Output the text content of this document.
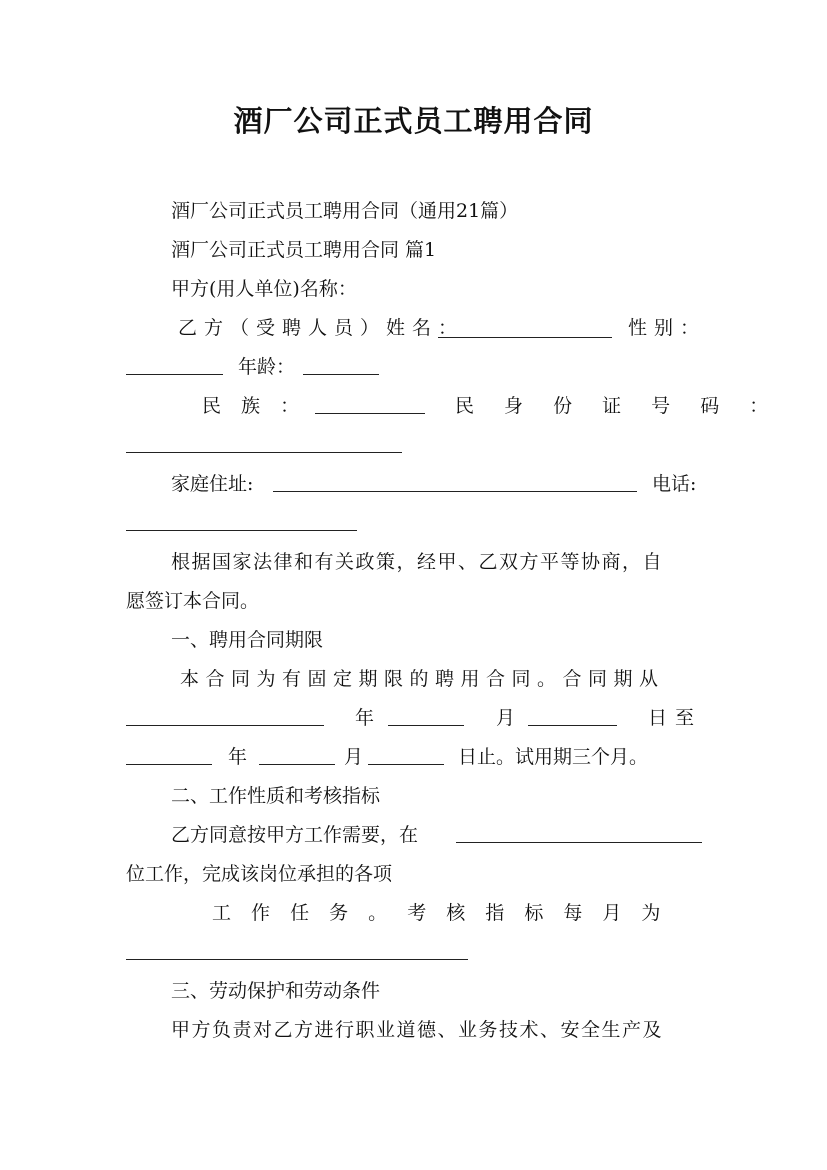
酒厂公司正式员工聘用合同
酒厂公司正式员工聘用合同（通用21篇）
酒厂公司正式员工聘用合同 篇1
甲方(用人单位)名称：
乙方（受聘人员）姓名：	性别：
年龄：
民 族 ：	民 身 份 证 号 码 ：
家庭住址:	电话:
根据国家法律和有关政策，经甲、乙双方平等协商，自
愿签订本合同。
一、聘用合同期限
本合同为有固定期限的聘用合同。合同期从
年	月	日至
年	月	日止。试用期三个月。
二、工作性质和考核指标
乙方同意按甲方工作需要，在
位工作，完成该岗位承担的各项
工 作 任 务 。 考 核 指 标 每 月 为
三、劳动保护和劳动条件
甲方负责对乙方进行职业道德、业务技术、安全生产及
